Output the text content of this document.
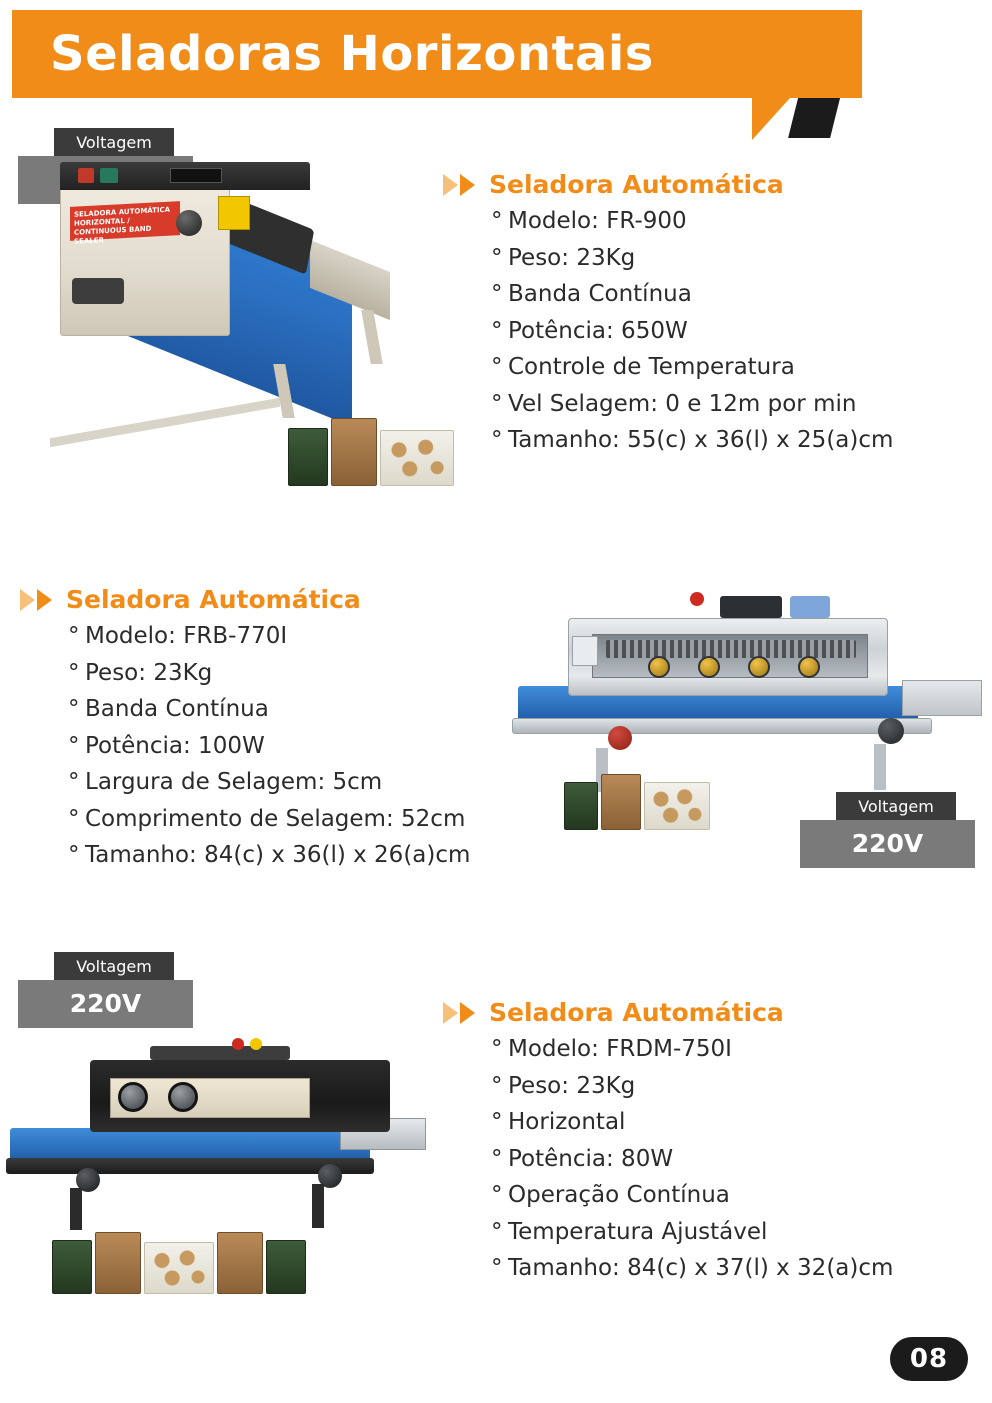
Seladoras Horizontais
Voltagem
SELADORA AUTOMÁTICA HORIZONTAL / CONTINUOUS BAND SEALER
Seladora Automática
° Modelo: FR-900
° Peso: 23Kg
° Banda Contínua
° Potência: 650W
° Controle de Temperatura
° Vel Selagem: 0 e 12m por min
° Tamanho: 55(c) x 36(l) x 25(a)cm
Seladora Automática
° Modelo: FRB-770I
° Peso: 23Kg
° Banda Contínua
° Potência: 100W
° Largura de Selagem: 5cm
° Comprimento de Selagem: 52cm
° Tamanho: 84(c) x 36(l) x 26(a)cm
Voltagem
220V
Voltagem
220V	Seladora Automática
° Modelo: FRDM-750I
° Peso: 23Kg
° Horizontal
° Potência: 80W
° Operação Contínua
° Temperatura Ajustável
° Tamanho: 84(c) x 37(l) x 32(a)cm
08
